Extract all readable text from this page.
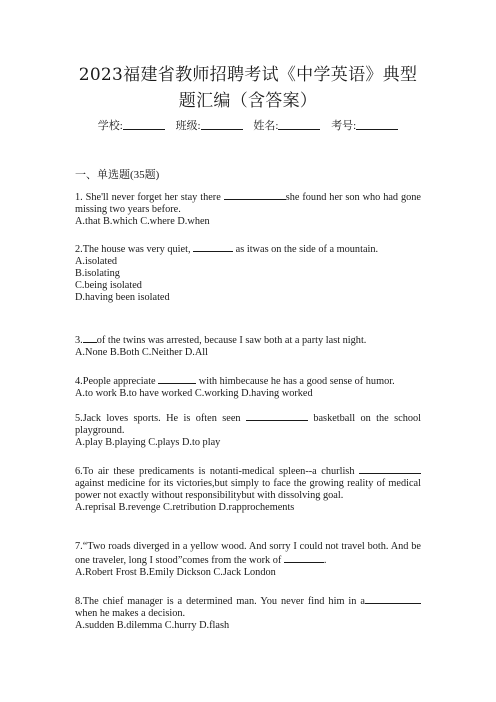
2023福建省教师招聘考试《中学英语》典型
题汇编（含答案）
学校:	班级:	姓名:	考号:
一、单选题(35题)

1. She'll never forget her stay there	she found her son who had gone missing two years before.

A.that B.which C.where D.when

2.The house was very quiet,	as itwas on the side of a mountain.

A.isolated

B.isolating

C.being isolated

D.having been isolated

3. of the twins was arrested, because I saw both at a party last night.

A.None B.Both C.Neither D.All

4.People appreciate	with himbecause he has a good sense of humor.

A.to work B.to have worked C.working D.having worked

5.Jack loves sports. He is often seen	basketball on the school playground.

A.play B.playing C.plays D.to play

6.To air these predicaments is notanti-medical spleen--a churlish  against medicine for its victories,but simply to face the growing reality of medical power not exactly without responsibilitybut with dissolving goal.

A.reprisal B.revenge C.retribution D.rapprochements

7.“Two roads diverged in a yellow wood. And sorry I could not travel both. And be one traveler, long I stood”comes from the work of	.

A.Robert Frost B.Emily Dickson C.Jack London

8.The chief manager is a determined man. You never find him in awhen he makes a decision.

A.sudden B.dilemma C.hurry D.flash
